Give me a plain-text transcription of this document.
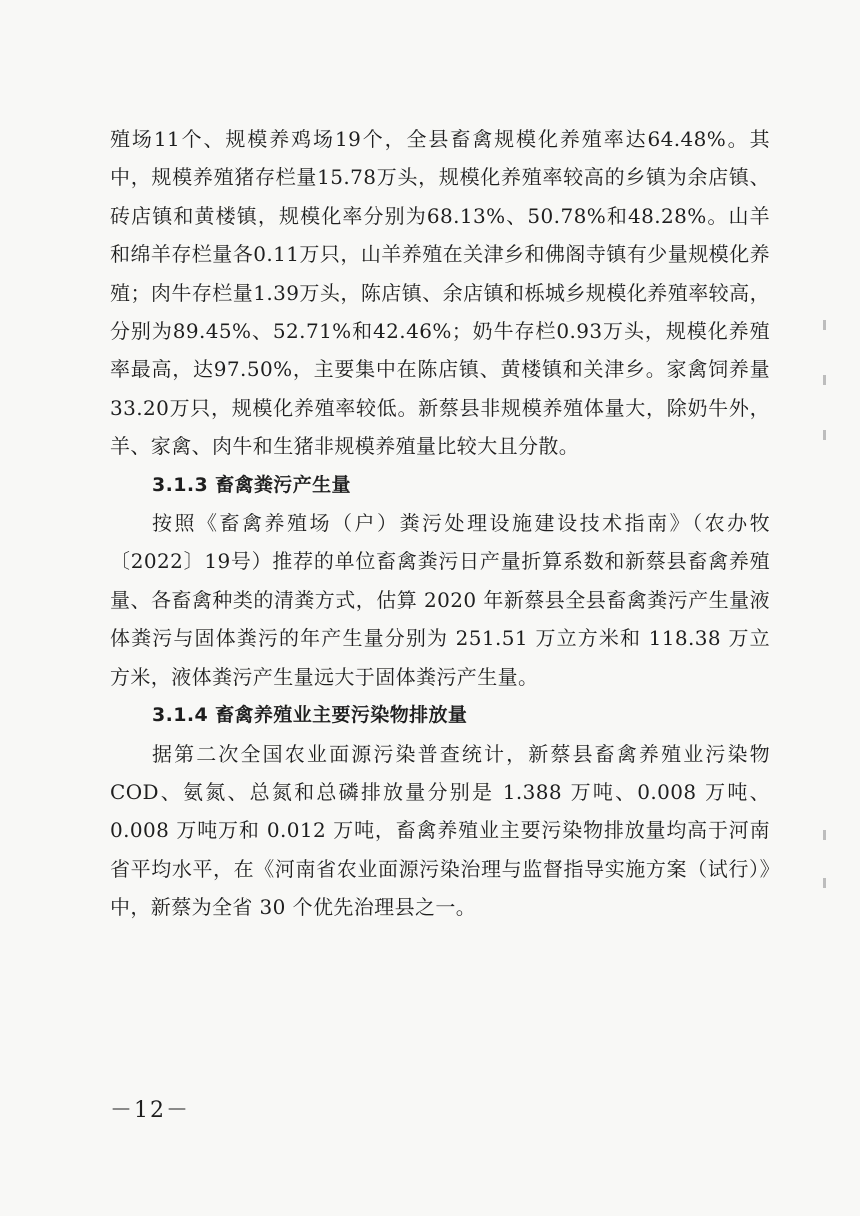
殖场11个、规模养鸡场19个，全县畜禽规模化养殖率达64.48%。其中，规模养殖猪存栏量15.78万头，规模化养殖率较高的乡镇为余店镇、砖店镇和黄楼镇，规模化率分别为68.13%、50.78%和48.28%。山羊和绵羊存栏量各0.11万只，山羊养殖在关津乡和佛阁寺镇有少量规模化养殖；肉牛存栏量1.39万头，陈店镇、余店镇和栎城乡规模化养殖率较高，分别为89.45%、52.71%和42.46%；奶牛存栏0.93万头，规模化养殖率最高，达97.50%，主要集中在陈店镇、黄楼镇和关津乡。家禽饲养量33.20万只，规模化养殖率较低。新蔡县非规模养殖体量大，除奶牛外，羊、家禽、肉牛和生猪非规模养殖量比较大且分散。

3.1.3 畜禽粪污产生量

按照《畜禽养殖场（户）粪污处理设施建设技术指南》（农办牧〔2022〕19号）推荐的单位畜禽粪污日产量折算系数和新蔡县畜禽养殖量、各畜禽种类的清粪方式，估算 2020 年新蔡县全县畜禽粪污产生量液体粪污与固体粪污的年产生量分别为 251.51 万立方米和 118.38 万立方米，液体粪污产生量远大于固体粪污产生量。

3.1.4 畜禽养殖业主要污染物排放量

据第二次全国农业面源污染普查统计，新蔡县畜禽养殖业污染物 COD、氨氮、总氮和总磷排放量分别是 1.388 万吨、0.008 万吨、0.008 万吨万和 0.012 万吨，畜禽养殖业主要污染物排放量均高于河南省平均水平，在《河南省农业面源污染治理与监督指导实施方案（试行）》中，新蔡为全省 30 个优先治理县之一。

－12－
